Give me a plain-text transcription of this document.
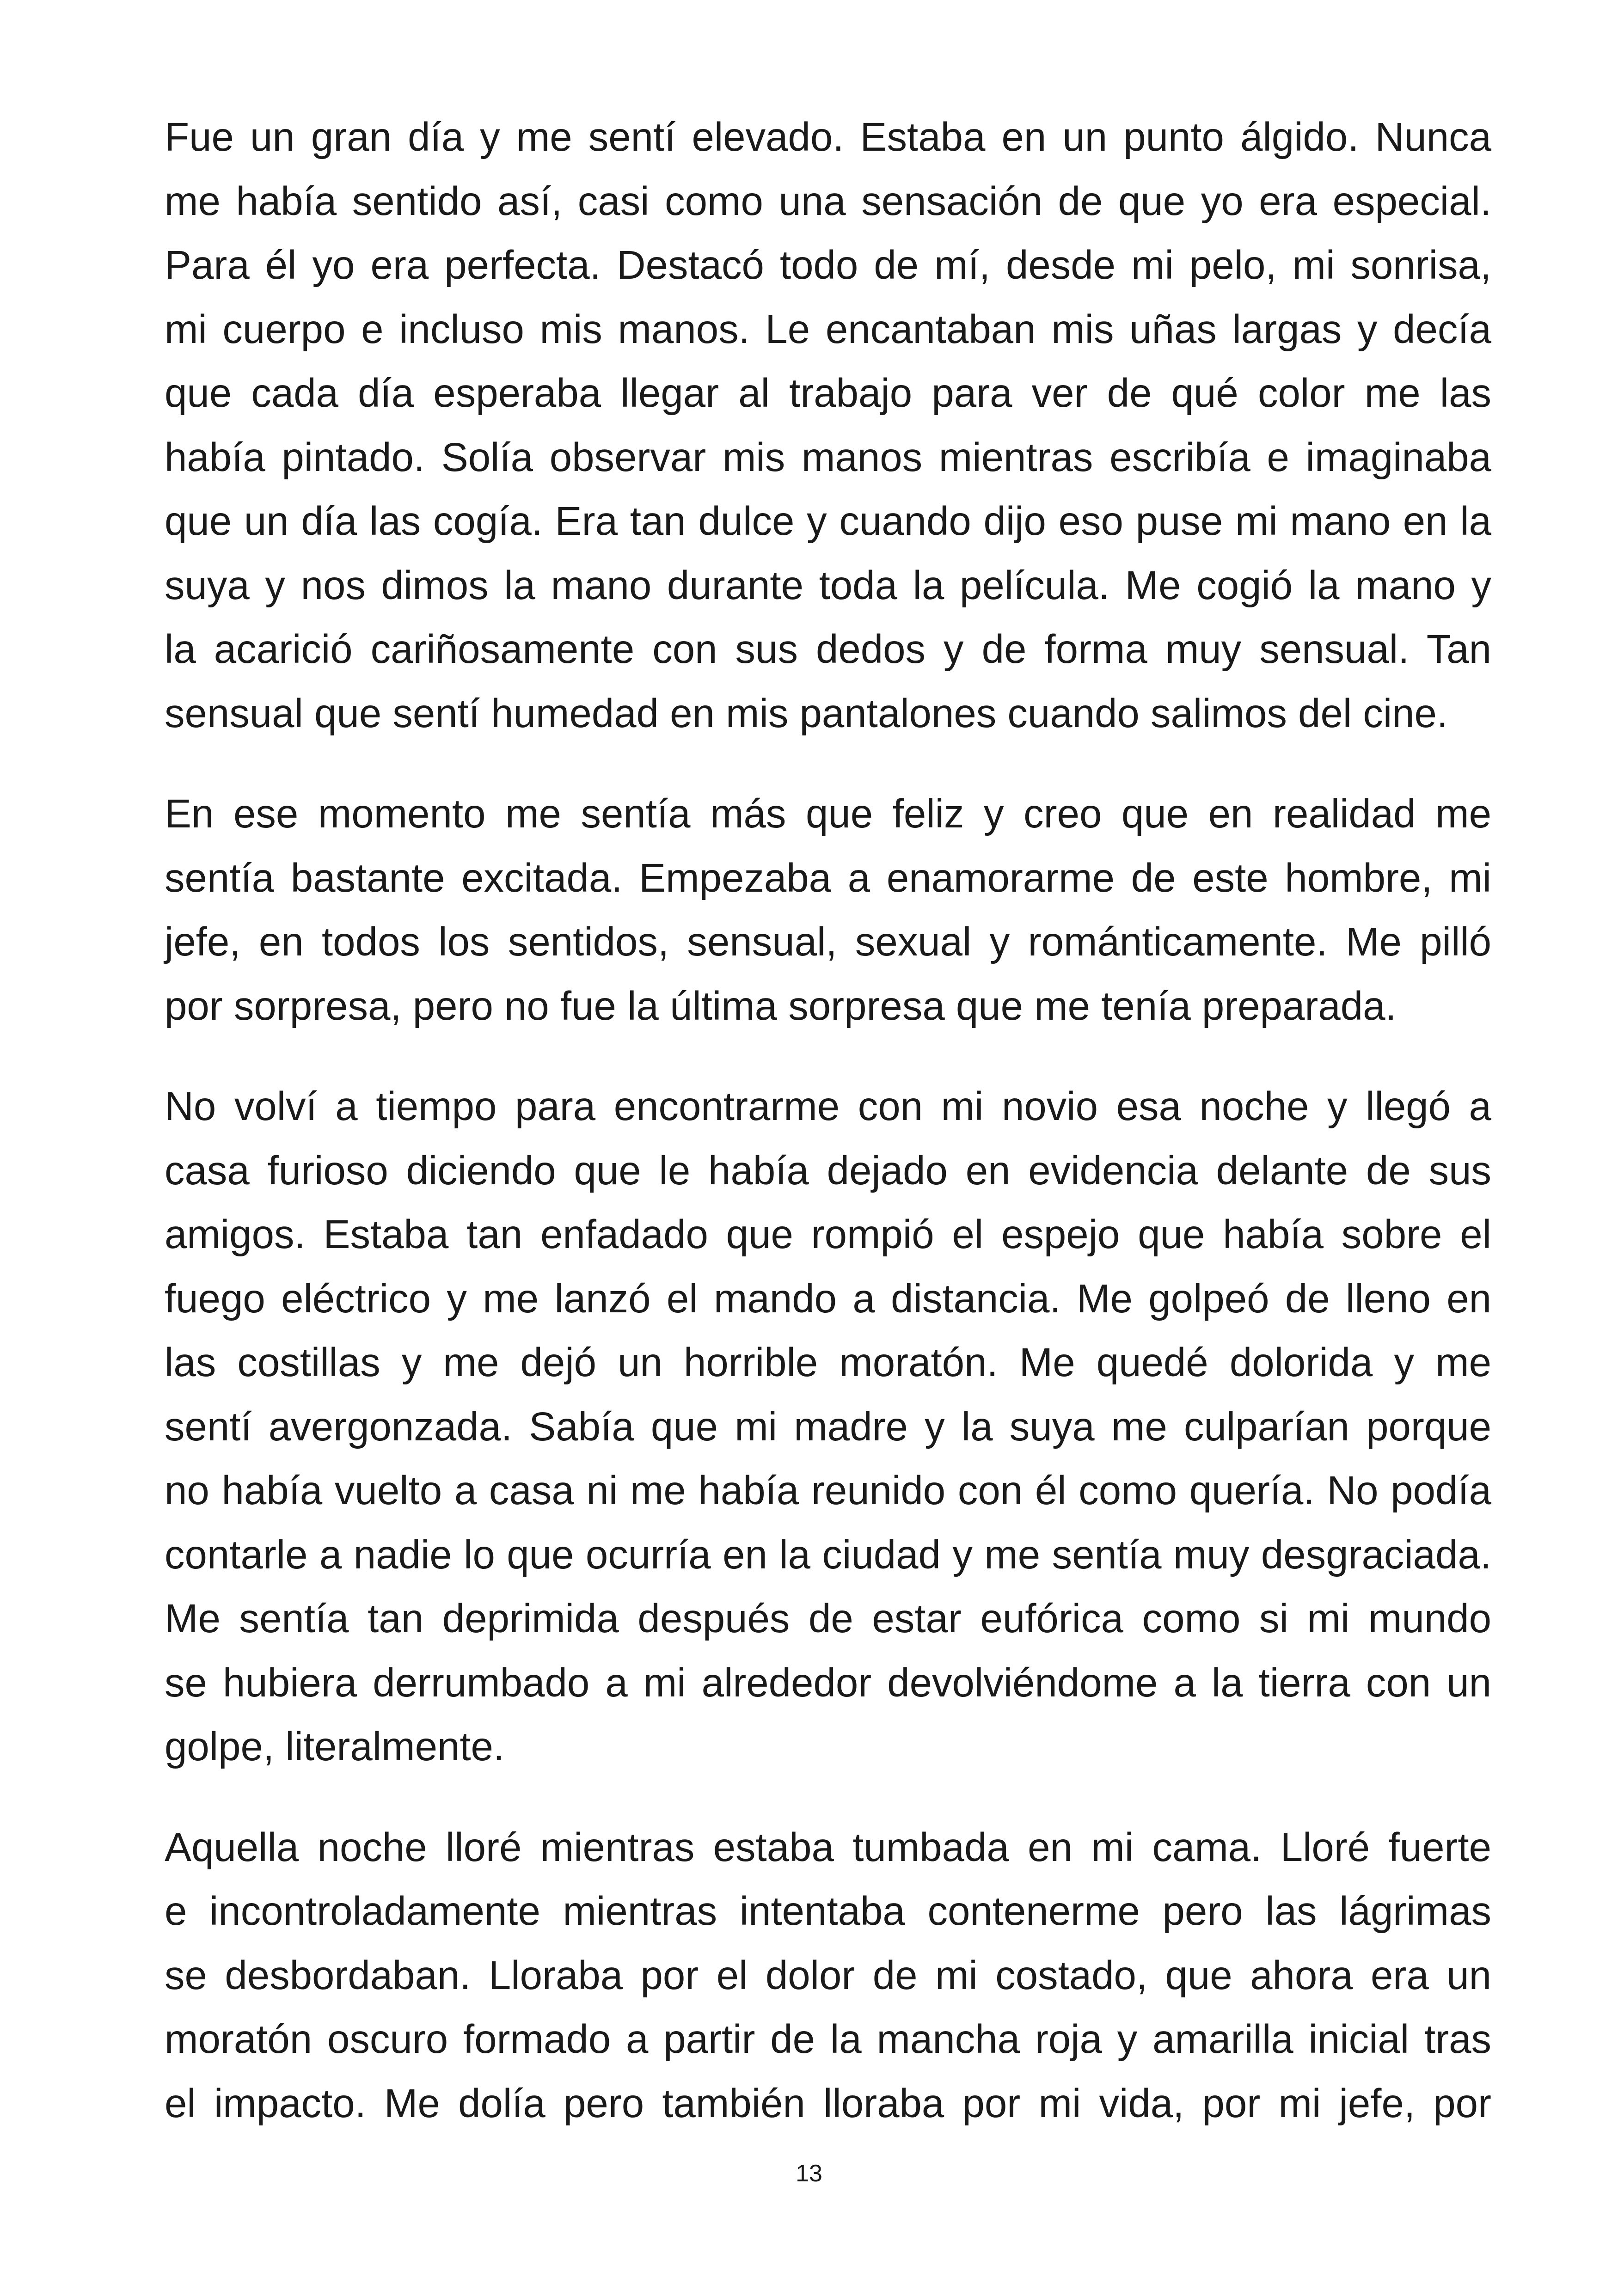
Fue un gran día y me sentí elevado. Estaba en un punto álgido. Nunca
me había sentido así, casi como una sensación de que yo era especial.
Para él yo era perfecta. Destacó todo de mí, desde mi pelo, mi sonrisa,
mi cuerpo e incluso mis manos. Le encantaban mis uñas largas y decía
que cada día esperaba llegar al trabajo para ver de qué color me las
había pintado. Solía observar mis manos mientras escribía e imaginaba
que un día las cogía. Era tan dulce y cuando dijo eso puse mi mano en la
suya y nos dimos la mano durante toda la película. Me cogió la mano y
la acarició cariñosamente con sus dedos y de forma muy sensual. Tan
sensual que sentí humedad en mis pantalones cuando salimos del cine.

En ese momento me sentía más que feliz y creo que en realidad me
sentía bastante excitada. Empezaba a enamorarme de este hombre, mi
jefe, en todos los sentidos, sensual, sexual y románticamente. Me pilló
por sorpresa, pero no fue la última sorpresa que me tenía preparada.

No volví a tiempo para encontrarme con mi novio esa noche y llegó a
casa furioso diciendo que le había dejado en evidencia delante de sus
amigos. Estaba tan enfadado que rompió el espejo que había sobre el
fuego eléctrico y me lanzó el mando a distancia. Me golpeó de lleno en
las costillas y me dejó un horrible moratón. Me quedé dolorida y me
sentí avergonzada. Sabía que mi madre y la suya me culparían porque
no había vuelto a casa ni me había reunido con él como quería. No podía
contarle a nadie lo que ocurría en la ciudad y me sentía muy desgraciada.
Me sentía tan deprimida después de estar eufórica como si mi mundo
se hubiera derrumbado a mi alrededor devolviéndome a la tierra con un
golpe, literalmente.

Aquella noche lloré mientras estaba tumbada en mi cama. Lloré fuerte
e incontroladamente mientras intentaba contenerme pero las lágrimas
se desbordaban. Lloraba por el dolor de mi costado, que ahora era un
moratón oscuro formado a partir de la mancha roja y amarilla inicial tras
el impacto. Me dolía pero también lloraba por mi vida, por mi jefe, por

13
